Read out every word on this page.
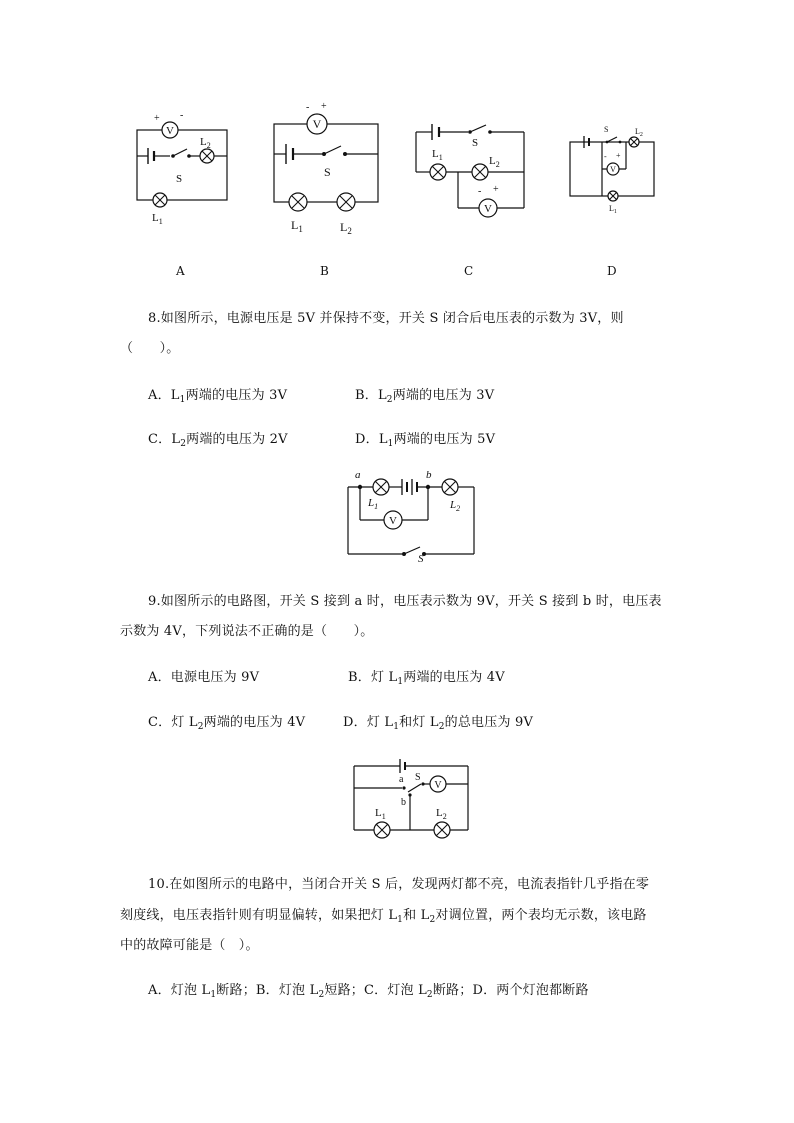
V
+ -
$L_2$
S
$L_1$
A
V
- +
S
$L_1$	$L_2$
B
V
- +
S
$L_1$	$L_2$
C
S	$L_2$
V
- +
$L_1$
D
8.如图所示，电源电压是 5V 并保持不变，开关 S 闭合后电压表的示数为 3V，则
（　　）。
A．$L_1$两端的电压为 3V	B．$L_2$两端的电压为 3V
C．$L_2$两端的电压为 2V	D．$L_1$两端的电压为 5V
S
a
$L_1$
b
$L_2$
V
9.如图所示的电路图，开关 S 接到 a 时，电压表示数为 9V，开关 S 接到 b 时，电压表
示数为 4V，下列说法不正确的是（　　）。
A．电源电压为 9V	B．灯 $L_1$两端的电压为 4V
C．灯 $L_2$两端的电压为 4V	D．灯 $L_1$和灯 $L_2$的总电压为 9V
a S
V
b
$L_1$	$L_2$
10.在如图所示的电路中，当闭合开关 S 后，发现两灯都不亮，电流表指针几乎指在零
刻度线，电压表指针则有明显偏转，如果把灯 $L_1$和 $L_2$对调位置，两个表均无示数，该电路
中的故障可能是（　）。
A．灯泡 $L_1$断路；B．灯泡 $L_2$短路；C．灯泡 $L_2$断路；D．两个灯泡都断路
